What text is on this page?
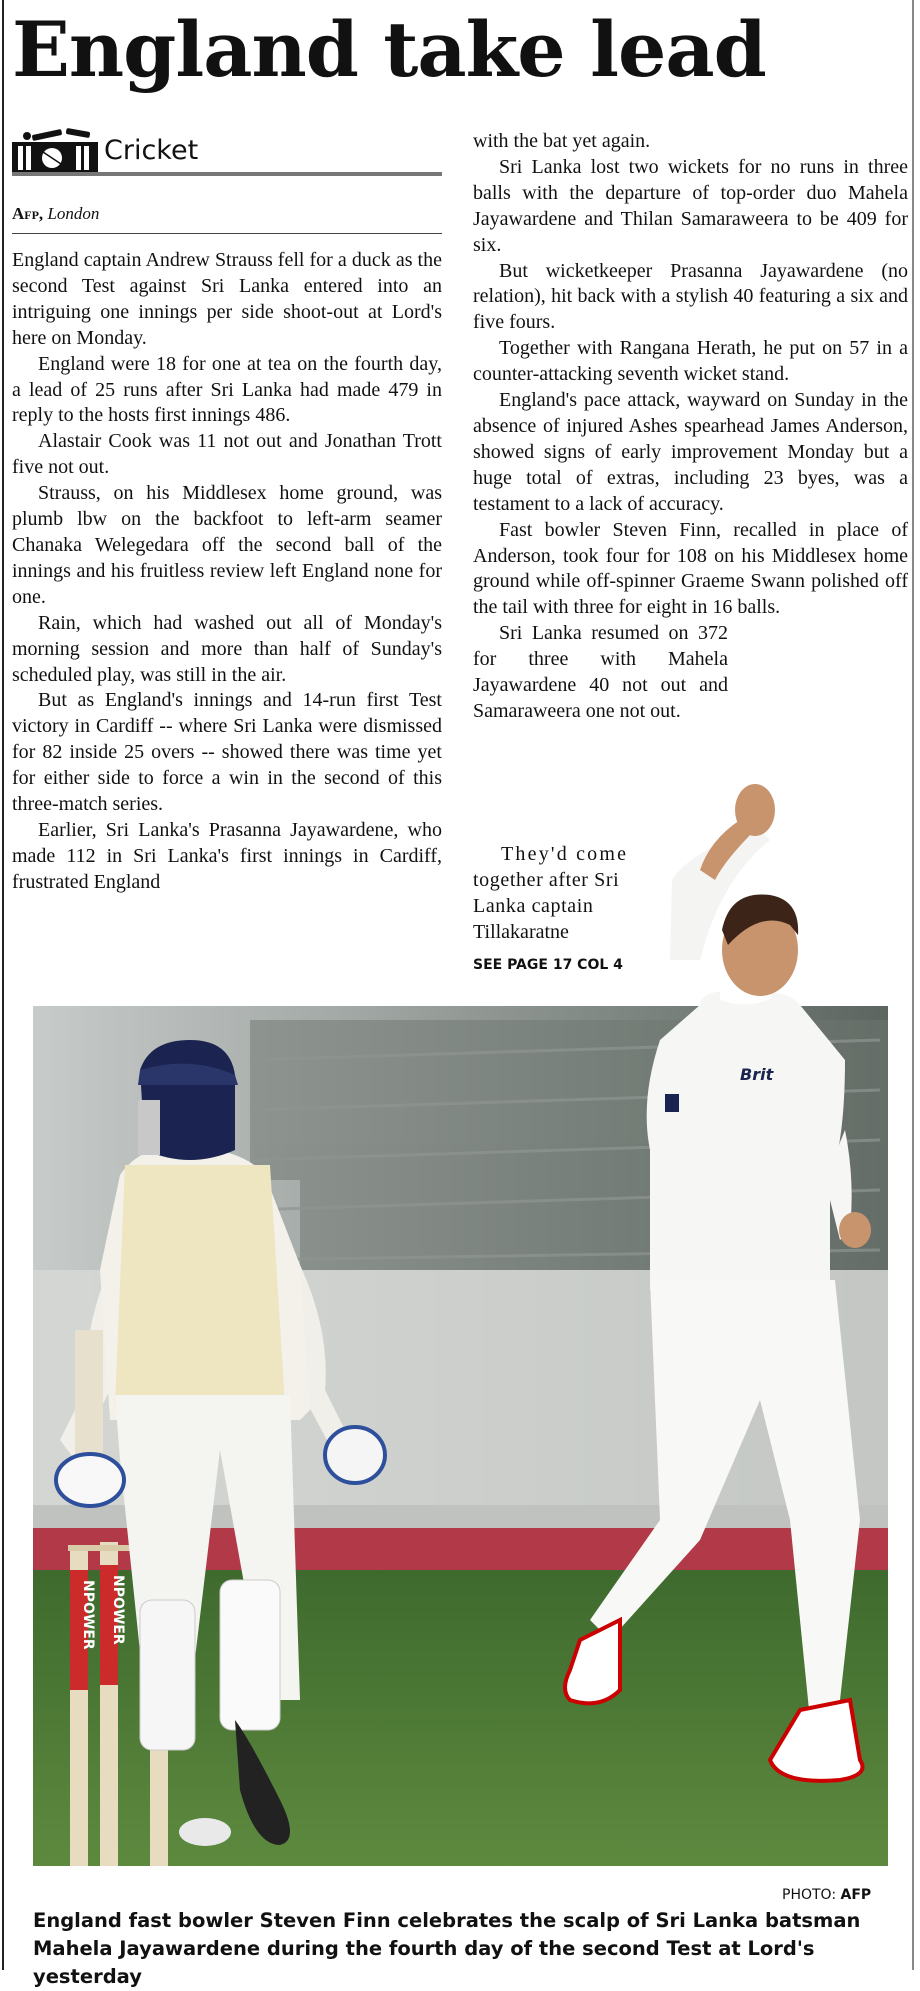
England take lead
Cricket
Afp, London

England captain Andrew Strauss fell for a duck as the second Test against Sri Lanka entered into an intriguing one innings per side shoot-out at Lord's here on Monday.

England were 18 for one at tea on the fourth day, a lead of 25 runs after Sri Lanka had made 479 in reply to the hosts first innings 486.

Alastair Cook was 11 not out and Jonathan Trott five not out.

Strauss, on his Middlesex home ground, was plumb lbw on the backfoot to left-arm seamer Chanaka Welegedara off the second ball of the innings and his fruitless review left England none for one.

Rain, which had washed out all of Monday's morning session and more than half of Sunday's scheduled play, was still in the air.

But as England's innings and 14-run first Test victory in Cardiff -- where Sri Lanka were dismissed for 82 inside 25 overs -- showed there was time yet for either side to force a win in the second of this three-match series.

Earlier, Sri Lanka's Prasanna Jayawardene, who made 112 in Sri Lanka's first innings in Cardiff, frustrated England

with the bat yet again.

Sri Lanka lost two wickets for no runs in three balls with the departure of top-order duo Mahela Jayawardene and Thilan Samaraweera to be 409 for six.

But wicketkeeper Prasanna Jayawardene (no relation), hit back with a stylish 40 featuring a six and five fours.

Together with Rangana Herath, he put on 57 in a counter-attacking seventh wicket stand.

England's pace attack, wayward on Sunday in the absence of injured Ashes spearhead James Anderson, showed signs of early improvement Monday but a huge total of extras, including 23 byes, was a testament to a lack of accuracy.

Fast bowler Steven Finn, recalled in place of Anderson, took four for 108 on his Middlesex home ground while off-spinner Graeme Swann polished off the tail with three for eight in 16 balls.

Sri Lanka resumed on 372 for three with Mahela Jayawardene 40 not out and Samaraweera one not out.

NPOWER NPOWER
Brit
They'd come
together after Sri
Lanka captain
Tillakaratne
SEE PAGE 17 COL 4
PHOTO: AFP
England fast bowler Steven Finn celebrates the scalp of Sri Lanka batsman Mahela Jayawardene during the fourth day of the second Test at Lord's yesterday
